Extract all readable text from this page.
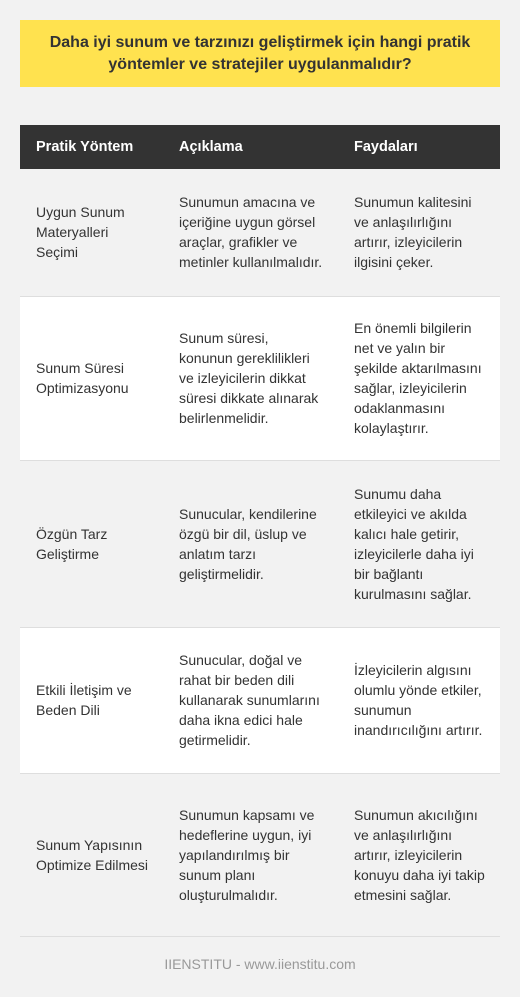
Daha iyi sunum ve tarzınızı geliştirmek için hangi pratik yöntemler ve stratejiler uygulanmalıdır?
Pratik Yöntem	Açıklama	Faydaları
Uygun Sunum Materyalleri Seçimi	Sunumun amacına ve içeriğine uygun görsel araçlar, grafikler ve metinler kullanılmalıdır.	Sunumun kalitesini ve anlaşılırlığını artırır, izleyicilerin ilgisini çeker.
Sunum Süresi Optimizasyonu	Sunum süresi, konunun gereklilikleri ve izleyicilerin dikkat süresi dikkate alınarak belirlenmelidir.	En önemli bilgilerin net ve yalın bir şekilde aktarılmasını sağlar, izleyicilerin odaklanmasını kolaylaştırır.
Özgün Tarz Geliştirme	Sunucular, kendilerine özgü bir dil, üslup ve anlatım tarzı geliştirmelidir.	Sunumu daha etkileyici ve akılda kalıcı hale getirir, izleyicilerle daha iyi bir bağlantı kurulmasını sağlar.
Etkili İletişim ve Beden Dili	Sunucular, doğal ve rahat bir beden dili kullanarak sunumlarını daha ikna edici hale getirmelidir.	İzleyicilerin algısını olumlu yönde etkiler, sunumun inandırıcılığını artırır.
Sunum Yapısının Optimize Edilmesi	Sunumun kapsamı ve hedeflerine uygun, iyi yapılandırılmış bir sunum planı oluşturulmalıdır.	Sunumun akıcılığını ve anlaşılırlığını artırır, izleyicilerin konuyu daha iyi takip etmesini sağlar.
IIENSTITU - www.iienstitu.com
